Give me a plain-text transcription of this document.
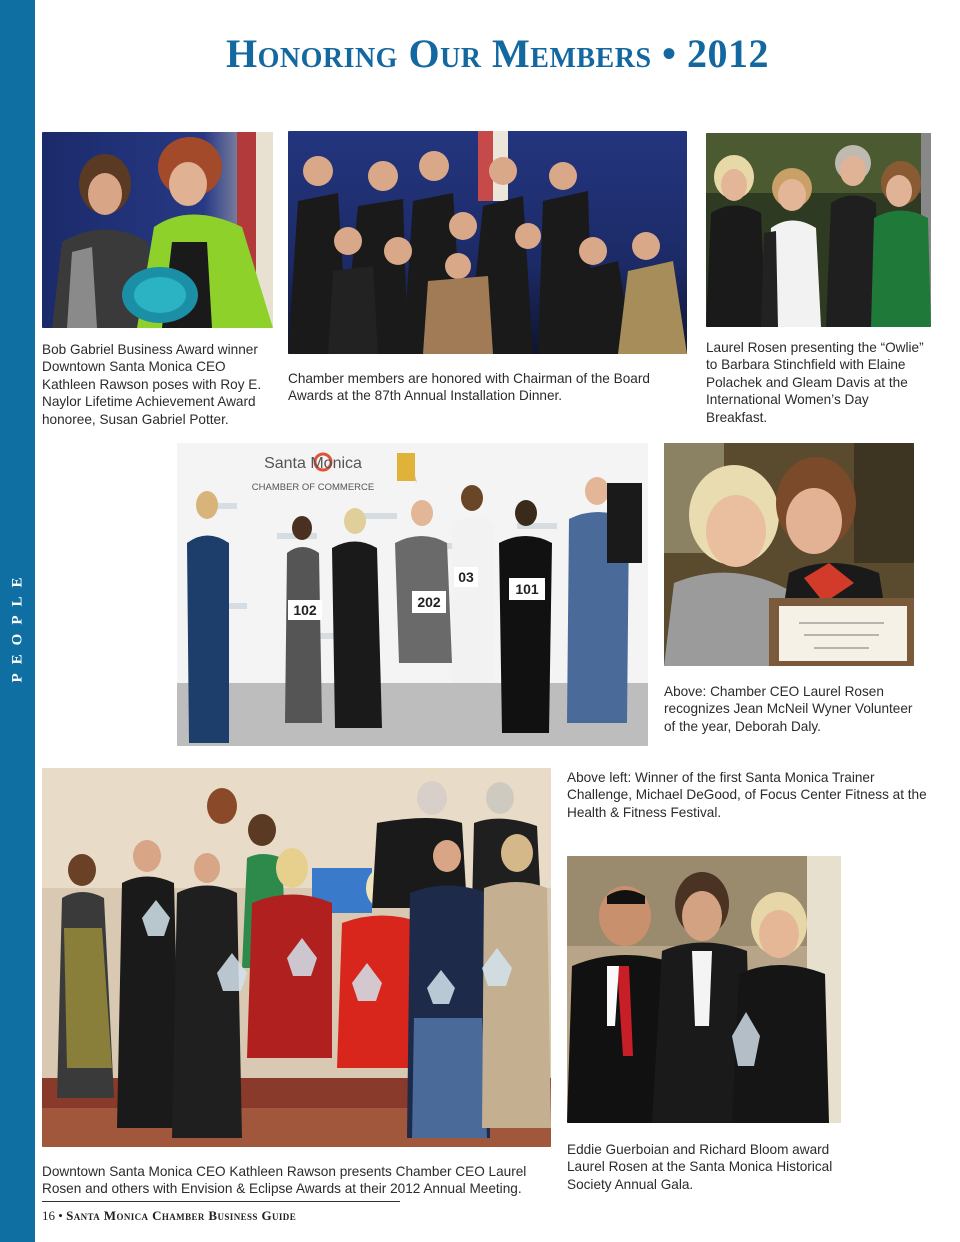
PEOPLE
Honoring Our Members • 2012

Bob Gabriel Business Award winner Downtown Santa Monica CEO Kathleen Rawson poses with Roy E. Naylor Lifetime Achievement Award honoree, Susan Gabriel Potter.

Chamber members are honored with Chairman of the Board Awards at the 87th Annual Installation Dinner.

Laurel Rosen presenting the “Owlie” to Barbara Stinchfield with Elaine Polachek and Gleam Davis at the International Women’s Day Breakfast.

Santa Monica
CHAMBER OF COMMERCE
102	202
03
101

Above: Chamber CEO Laurel Rosen recognizes Jean McNeil Wyner Volunteer of the year, Deborah Daly.

Above left: Winner of the first Santa Monica Trainer Challenge, Michael DeGood, of Focus Center Fitness at the Health & Fitness Festival.

Downtown Santa Monica CEO Kathleen Rawson presents Chamber CEO Laurel Rosen and others with Envision & Eclipse Awards at their 2012 Annual Meeting.

Eddie Guerboian and Richard Bloom award Laurel Rosen at the Santa Monica Historical Society Annual Gala.

16 • Santa Monica Chamber Business Guide
